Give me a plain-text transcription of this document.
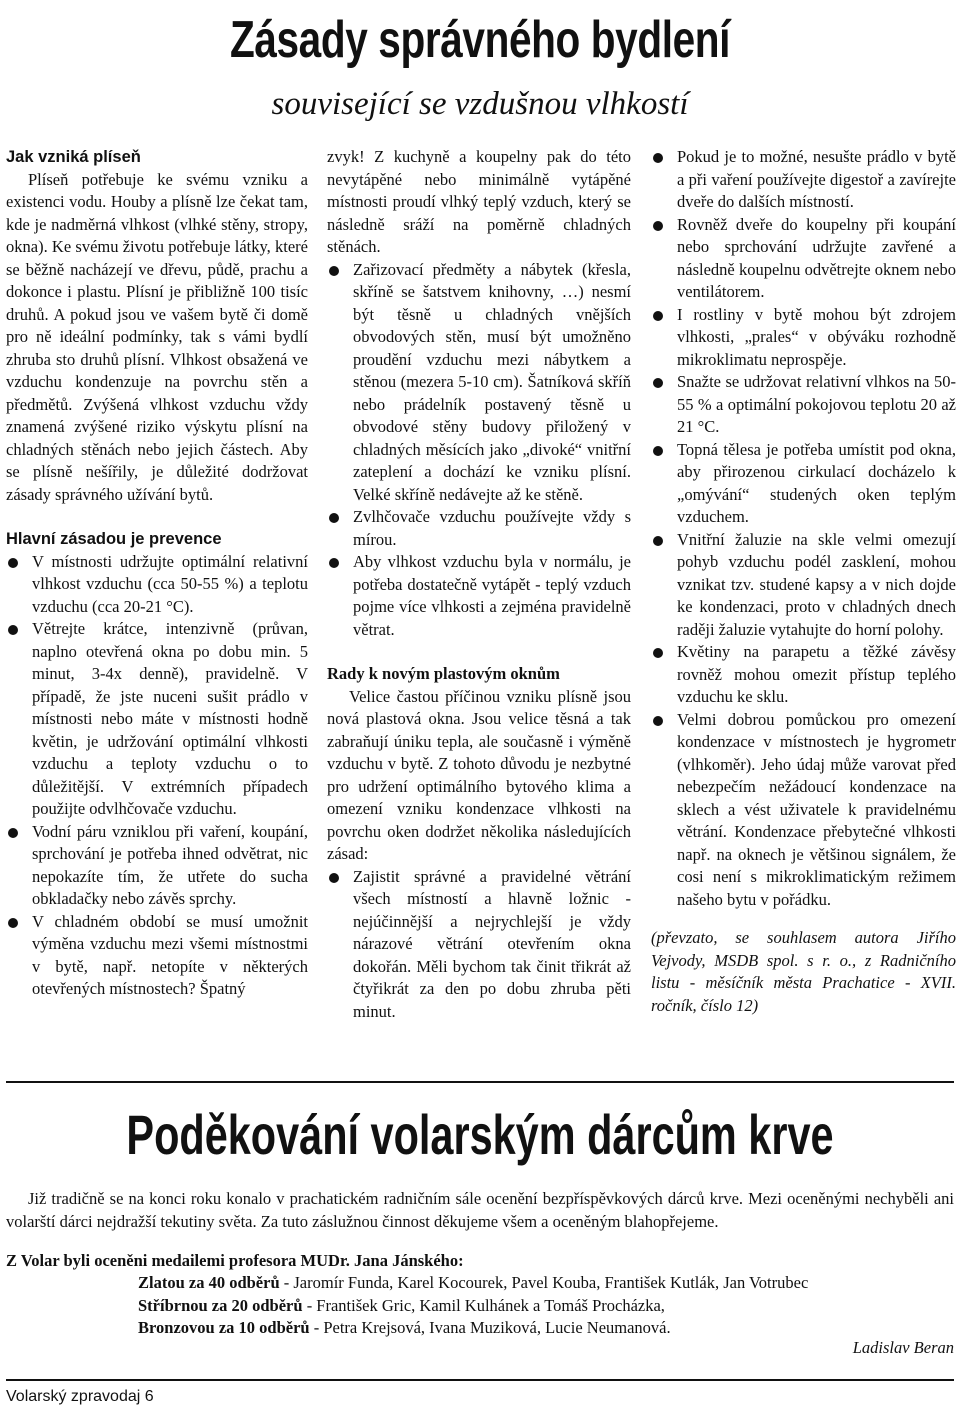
Zásady správného bydlení
související se vzdušnou vlhkostí
Jak vzniká plíseň

Plíseň potřebuje ke svému vzniku a existenci vodu. Houby a plísně lze čekat tam, kde je nadměrná vlhkost (vlhké stěny, stropy, okna). Ke svému životu potřebuje látky, které se běžně nacházejí ve dřevu, půdě, prachu a dokonce i plastu. Plísní je přibližně 100 tisíc druhů. A pokud jsou ve vašem bytě či domě pro ně ideální podmínky, tak s vámi bydlí zhruba sto druhů plísní. Vlhkost obsažená ve vzduchu kondenzuje na povrchu stěn a předmětů. Zvýšená vlhkost vzduchu vždy znamená zvýšené riziko výskytu plísní na chladných stěnách nebo jejich částech. Aby se plísně nešířily, je důležité dodržovat zásady správného užívání bytů.

Hlavní zásadou je prevence
V místnosti udržujte optimální relativní vlhkost vzduchu (cca 50-55 %) a teplotu vzduchu (cca 20-21 °C).
Větrejte krátce, intenzivně (průvan, naplno otevřená okna po dobu min. 5 minut, 3-4x denně), pravidelně. V případě, že jste nuceni sušit prádlo v místnosti nebo máte v místnosti hodně květin, je udržování optimální vlhkosti vzduchu a teploty vzduchu o to důležitější. V extrémních případech použijte odvlhčovače vzduchu.
Vodní páru vzniklou při vaření, koupání, sprchování je potřeba ihned odvětrat, nic nepokazíte tím, že utřete do sucha obkladačky nebo závěs sprchy.
V chladném období se musí umožnit výměna vzduchu mezi všemi místnostmi v bytě, např. netopíte v některých otevřených místnostech? Špatný

zvyk! Z kuchyně a koupelny pak do této nevytápěné nebo minimálně vytápěné místnosti proudí vlhký teplý vzduch, který se následně sráží na poměrně chladných stěnách.

Zařizovací předměty a nábytek (křesla, skříně se šatstvem knihovny, …) nesmí být těsně u chladných vnějších obvodových stěn, musí být umožněno proudění vzduchu mezi nábytkem a stěnou (mezera 5-10 cm). Šatníková skříň nebo prádelník postavený těsně u obvodové stěny budovy přiložený v chladných měsících jako „divoké“ vnitřní zateplení a dochází ke vzniku plísní. Velké skříně nedávejte až ke stěně.
Zvlhčovače vzduchu používejte vždy s mírou.
Aby vlhkost vzduchu byla v normálu, je potřeba dostatečně vytápět - teplý vzduch pojme více vlhkosti a zejména pravidelně větrat.
Rady k novým plastovým oknům

Velice častou příčinou vzniku plísně jsou nová plastová okna. Jsou velice těsná a tak zabraňují úniku tepla, ale současně i výměně vzduchu v bytě. Z tohoto důvodu je nezbytné pro udržení optimálního bytového klima a omezení vzniku kondenzace vlhkosti na povrchu oken dodržet několika následujících zásad:

Zajistit správné a pravidelné větrání všech místností a hlavně ložnic - nejúčinnější a nejrychlejší je vždy nárazové větrání otevřením okna dokořán. Měli bychom tak činit třikrát až čtyřikrát za den po dobu zhruba pěti minut.
Pokud je to možné, nesušte prádlo v bytě a při vaření používejte digestoř a zavírejte dveře do dalších místností.
Rovněž dveře do koupelny při koupání nebo sprchování udržujte zavřené a následně koupelnu odvětrejte oknem nebo ventilátorem.
I rostliny v bytě mohou být zdrojem vlhkosti, „prales“ v obýváku rozhodně mikroklimatu neprospěje.
Snažte se udržovat relativní vlhkos na 50-55 % a optimální pokojovou teplotu 20 až 21 °C.
Topná tělesa je potřeba umístit pod okna, aby přirozenou cirkulací docházelo k „omývání“ studených oken teplým vzduchem.
Vnitřní žaluzie na skle velmi omezují pohyb vzduchu podél zasklení, mohou vznikat tzv. studené kapsy a v nich dojde ke kondenzaci, proto v chladných dnech raději žaluzie vytahujte do horní polohy.
Květiny na parapetu a těžké závěsy rovněž mohou omezit přístup teplého vzduchu ke sklu.
Velmi dobrou pomůckou pro omezení kondenzace v místnostech je hygrometr (vlhkoměr). Jeho údaj může varovat před nebezpečím nežádoucí kondenzace na sklech a vést uživatele k pravidelnému větrání. Kondenzace přebytečné vlhkosti např. na oknech je většinou signálem, že cosi není s mikroklimatickým režimem našeho bytu v pořádku.

(převzato, se souhlasem autora Jiřího Vejvody, MSDB spol. s r. o., z Radničního listu - měsíčník města Prachatice - XVII. ročník, číslo 12)

Poděkování volarským dárcům krve

Již tradičně se na konci roku konalo v prachatickém radničním sále ocenění bezpříspěvkových dárců krve. Mezi oceněnými nechyběli ani volarští dárci nejdražší tekutiny světa. Za tuto záslužnou činnost děkujeme všem a oceněným blahopřejeme.

Z Volar byli oceněni medailemi profesora MUDr. Jana Jánského:
Zlatou za 40 odběrů - Jaromír Funda, Karel Kocourek, Pavel Kouba, František Kutlák, Jan Votrubec
Stříbrnou za 20 odběrů - František Gric, Kamil Kulhánek a Tomáš Procházka,
Bronzovou za 10 odběrů - Petra Krejsová, Ivana Muziková, Lucie Neumanová.
Ladislav Beran
Volarský zpravodaj 6
